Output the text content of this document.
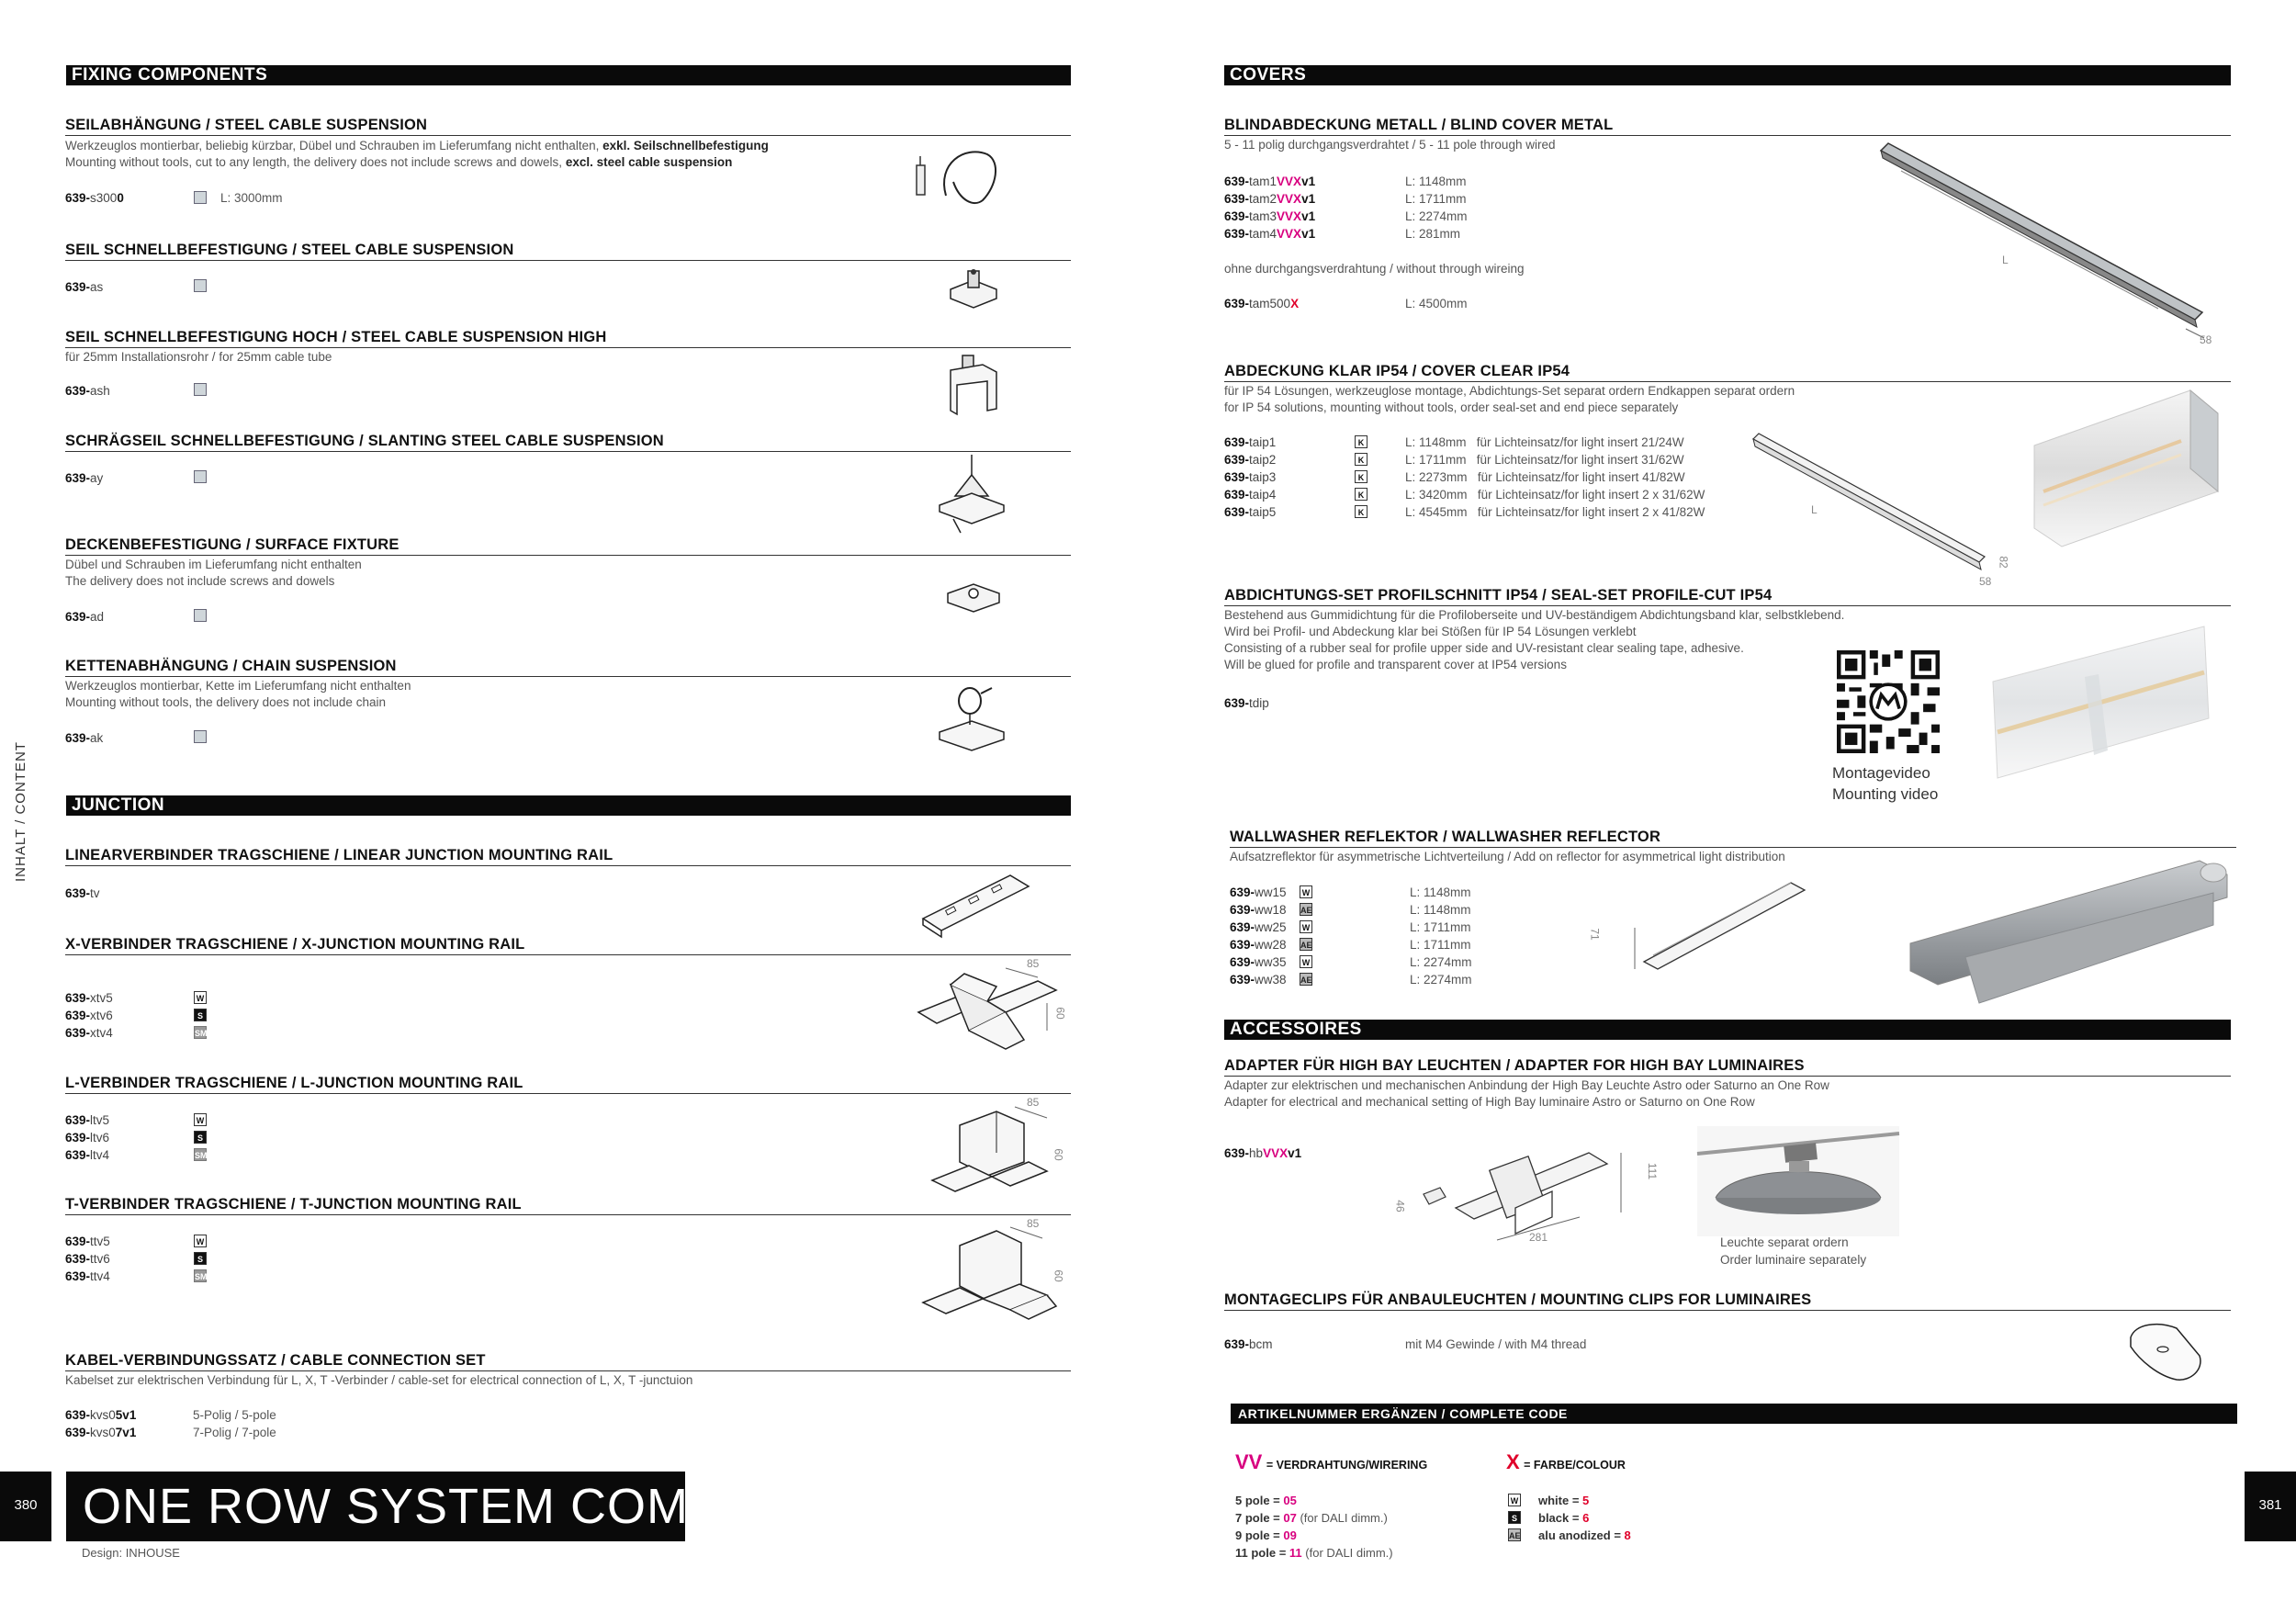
INHALT / CONTENT
FIXING COMPONENTS
SEILABHÄNGUNG / STEEL CABLE SUSPENSION
Werkzeuglos montierbar, beliebig kürzbar, Dübel und Schrauben im Lieferumfang nicht enthalten, exkl. Seilschnellbefestigung
Mounting without tools, cut to any length, the delivery does not include screws and dowels, excl. steel cable suspension
639-s3000	L: 3000mm
SEIL SCHNELLBEFESTIGUNG / STEEL CABLE SUSPENSION
639-as
SEIL SCHNELLBEFESTIGUNG HOCH / STEEL CABLE SUSPENSION HIGH
für 25mm Installationsrohr / for 25mm cable tube
639-ash
SCHRÄGSEIL SCHNELLBEFESTIGUNG / SLANTING STEEL CABLE SUSPENSION
639-ay
DECKENBEFESTIGUNG / SURFACE FIXTURE
Dübel und Schrauben im Lieferumfang nicht enthalten
The delivery does not include screws and dowels
639-ad
KETTENABHÄNGUNG / CHAIN SUSPENSION
Werkzeuglos montierbar, Kette im Lieferumfang nicht enthalten
Mounting without tools, the delivery does not include chain
639-ak
JUNCTION
LINEARVERBINDER TRAGSCHIENE / LINEAR JUNCTION MOUNTING RAIL
639-tv
X-VERBINDER TRAGSCHIENE / X-JUNCTION MOUNTING RAIL
639-xtv5	W
639-xtv6	S
639-xtv4	SM
85
60
L-VERBINDER TRAGSCHIENE / L-JUNCTION MOUNTING RAIL
639-ltv5	W
639-ltv6	S
639-ltv4	SM
85
60
T-VERBINDER TRAGSCHIENE / T-JUNCTION MOUNTING RAIL
639-ttv5	W
639-ttv6	S
639-ttv4	SM
85
60
KABEL-VERBINDUNGSSATZ / CABLE CONNECTION SET
Kabelset zur elektrischen Verbindung für L, X, T -Verbinder / cable-set for electrical connection of L, X, T -junctuion
639-kvs05v1	5-Polig / 5-pole
639-kvs07v1	7-Polig / 7-pole
380 ONE ROW SYSTEM COMPONENTS
Design: INHOUSE
COVERS
BLINDABDECKUNG METALL / BLIND COVER METAL
5 - 11 polig durchgangsverdrahtet / 5 - 11 pole through wired
639-tam1VVXv1	L: 1148mm
639-tam2VVXv1	L: 1711mm
639-tam3VVXv1	L: 2274mm
639-tam4VVXv1	L: 281mm
ohne durchgangsverdrahtung / without through wireing
639-tam500X	L: 4500mm
L
58
ABDECKUNG KLAR IP54 / COVER CLEAR IP54
für IP 54 Lösungen, werkzeuglose montage, Abdichtungs-Set separat ordern Endkappen separat ordern
for IP 54 solutions, mounting without tools, order seal-set and end piece separately
639-taip1	K	L: 1148mm für Lichteinsatz/for light insert 21/24W
639-taip2	K	L: 1711mm für Lichteinsatz/for light insert 31/62W
639-taip3	K	L: 2273mm für Lichteinsatz/for light insert 41/82W
639-taip4	K	L: 3420mm für Lichteinsatz/for light insert 2 x 31/62W
639-taip5	K	L: 4545mm für Lichteinsatz/for light insert 2 x 41/82W	L
58
82
ABDICHTUNGS-SET PROFILSCHNITT IP54 / SEAL-SET PROFILE-CUT IP54
Bestehend aus Gummidichtung für die Profiloberseite und UV-beständigem Abdichtungsband klar, selbstklebend.
Wird bei Profil- und Abdeckung klar bei Stößen für IP 54 Lösungen verklebt
Consisting of a rubber seal for profile upper side and UV-resistant clear sealing tape, adhesive.
Will be glued for profile and transparent cover at IP54 versions
639-tdip
Montagevideo
Mounting video
WALLWASHER REFLEKTOR / WALLWASHER REFLECTOR
Aufsatzreflektor für asymmetrische Lichtverteilung / Add on reflector for asymmetrical light distribution
639-ww15	W	L: 1148mm
639-ww18 AE	L: 1148mm
639-ww25	W	L: 1711mm
639-ww28 AE	L: 1711mm
639-ww35	W	L: 2274mm
639-ww38 AE	L: 2274mm
71
ACCESSOIRES
ADAPTER FÜR HIGH BAY LEUCHTEN / ADAPTER FOR HIGH BAY LUMINAIRES
Adapter zur elektrischen und mechanischen Anbindung der High Bay Leuchte Astro oder Saturno an One Row
Adapter for electrical and mechanical setting of High Bay luminaire Astro or Saturno on One Row
639-hbVVXv1
281
111
46
Leuchte separat ordern
Order luminaire separately
MONTAGECLIPS FÜR ANBAULEUCHTEN / MOUNTING CLIPS FOR LUMINAIRES
639-bcm	mit M4 Gewinde / with M4 thread
ARTIKELNUMMER ERGÄNZEN / COMPLETE CODE
VV = VERDRAHTUNG/WIRERING	X = FARBE/COLOUR
5 pole = 05
7 pole = 07 (for DALI dimm.)
9 pole = 09
11 pole = 11 (for DALI dimm.)
W white = 5
S	black = 6
AE alu anodized = 8
381
